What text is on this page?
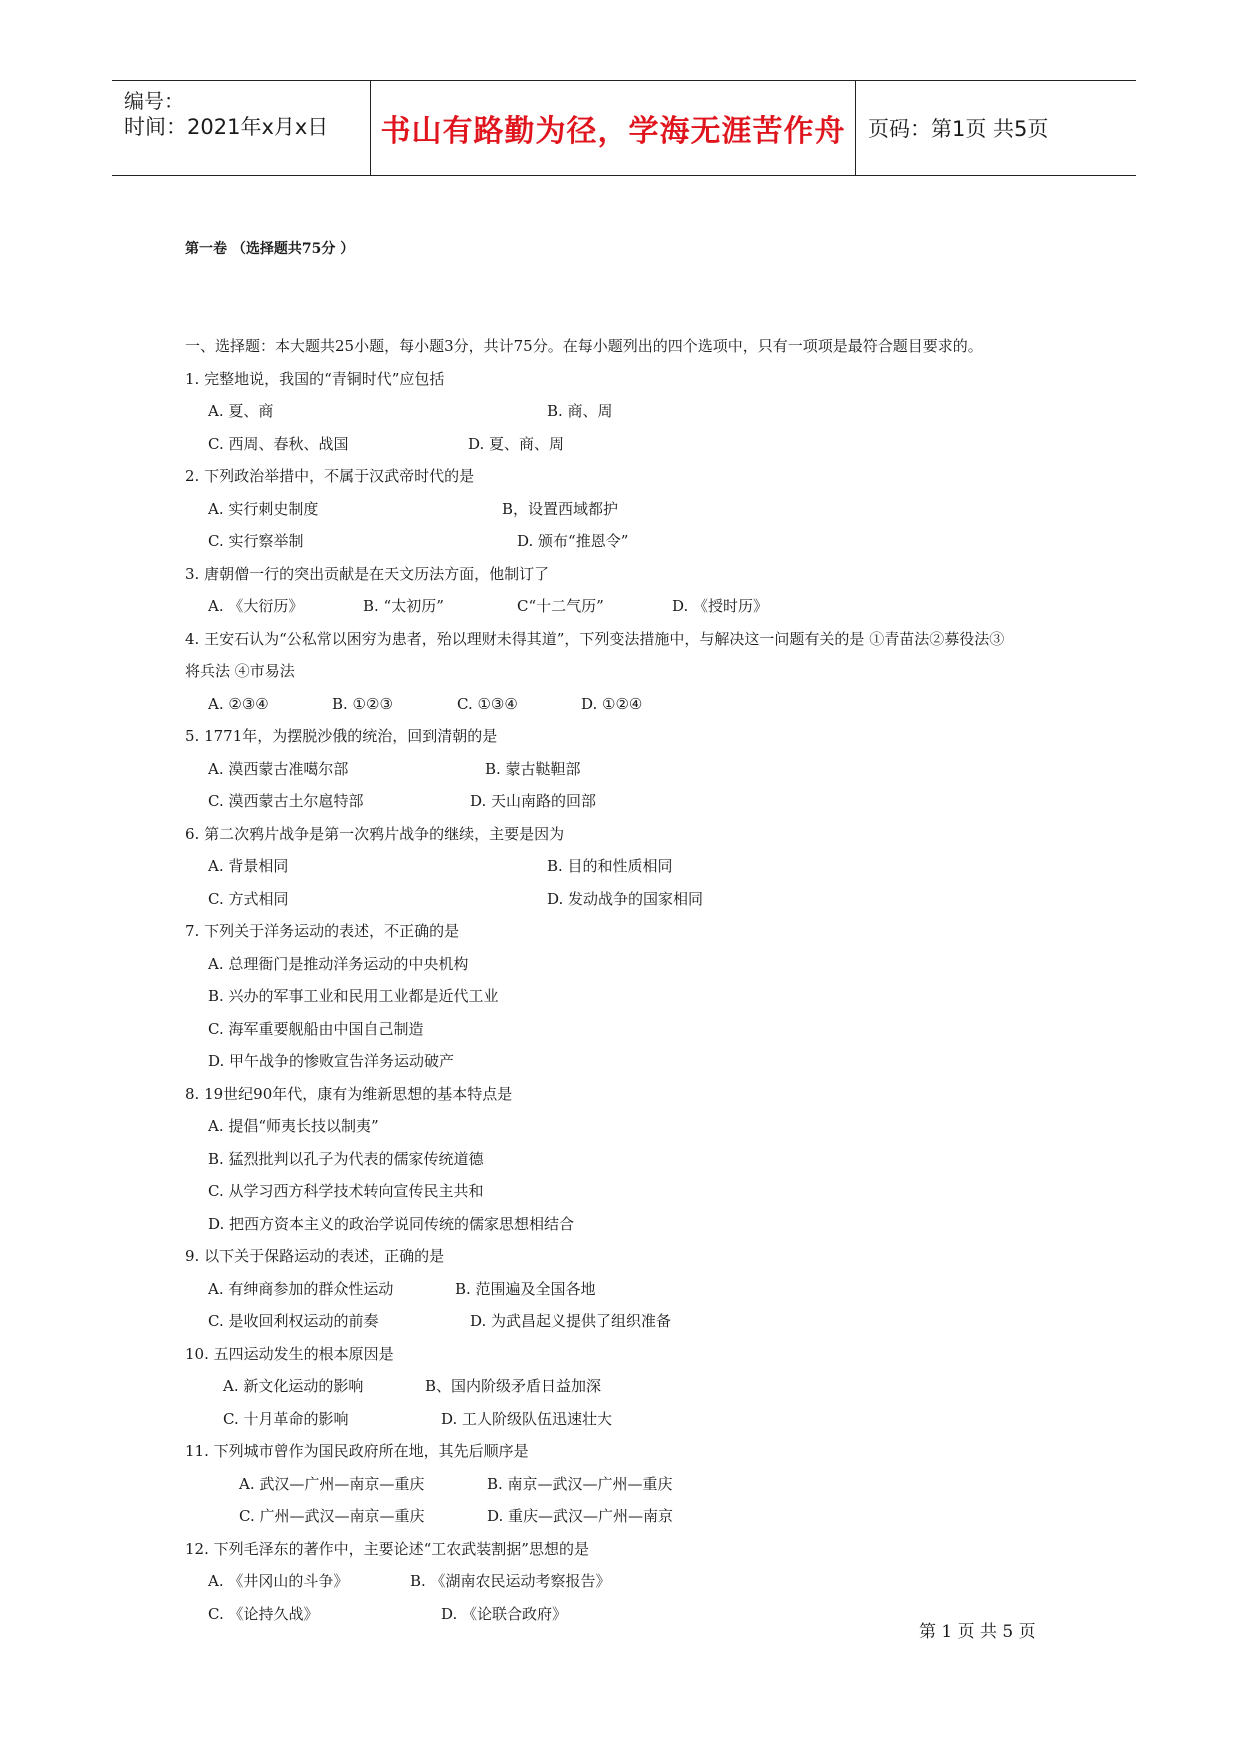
编号：
时间：2021年x月x日 书山有路勤为径，学海无涯苦作舟 页码：第1页 共5页
第一卷 （选择题共75分 ）
一、选择题：本大题共25小题，每小题3分，共计75分。在每小题列出的四个选项中，只有一项项是最符合题目要求的。
1. 完整地说，我国的“青铜时代”应包括
A. 夏、商	B. 商、周
C. 西周、春秋、战国	D. 夏、商、周
2. 下列政治举措中，不属于汉武帝时代的是
A. 实行刺史制度	B，设置西域都护
C. 实行察举制	D. 颁布“推恩令”
3. 唐朝僧一行的突出贡献是在天文历法方面，他制订了
A. 《大衍历》	B. “太初历”	C“十二气历”	D. 《授时历》
4. 王安石认为“公私常以困穷为患者，殆以理财未得其道”，下列变法措施中，与解决这一问题有关的是 ①青苗法②募役法③
将兵法 ④市易法
A. ②③④	B. ①②③	C. ①③④	D. ①②④
5. 1771年，为摆脱沙俄的统治，回到清朝的是
A. 漠西蒙古准噶尔部	B. 蒙古鞑靼部
C. 漠西蒙古土尔扈特部	D. 天山南路的回部
6. 第二次鸦片战争是第一次鸦片战争的继续，主要是因为
A. 背景相同	B. 目的和性质相同
C. 方式相同	D. 发动战争的国家相同
7. 下列关于洋务运动的表述，不正确的是
A. 总理衙门是推动洋务运动的中央机构
B. 兴办的军事工业和民用工业都是近代工业
C. 海军重要舰船由中国自己制造
D. 甲午战争的惨败宣告洋务运动破产
8. 19世纪90年代，康有为维新思想的基本特点是
A. 提倡“师夷长技以制夷”
B. 猛烈批判以孔子为代表的儒家传统道德
C. 从学习西方科学技术转向宣传民主共和
D. 把西方资本主义的政治学说同传统的儒家思想相结合
9. 以下关于保路运动的表述，正确的是
A. 有绅商参加的群众性运动	B. 范围遍及全国各地
C. 是收回利权运动的前奏	D. 为武昌起义提供了组织准备
10. 五四运动发生的根本原因是
A. 新文化运动的影响	B、国内阶级矛盾日益加深
C. 十月革命的影响	D. 工人阶级队伍迅速壮大
11. 下列城市曾作为国民政府所在地，其先后顺序是
A. 武汉—广州—南京—重庆	B. 南京—武汉—广州—重庆
C. 广州—武汉—南京—重庆	D. 重庆—武汉—广州—南京
12. 下列毛泽东的著作中，主要论述“工农武装割据”思想的是
A. 《井冈山的斗争》	B. 《湖南农民运动考察报告》
C. 《论持久战》	D. 《论联合政府》
第 1 页 共 5 页
